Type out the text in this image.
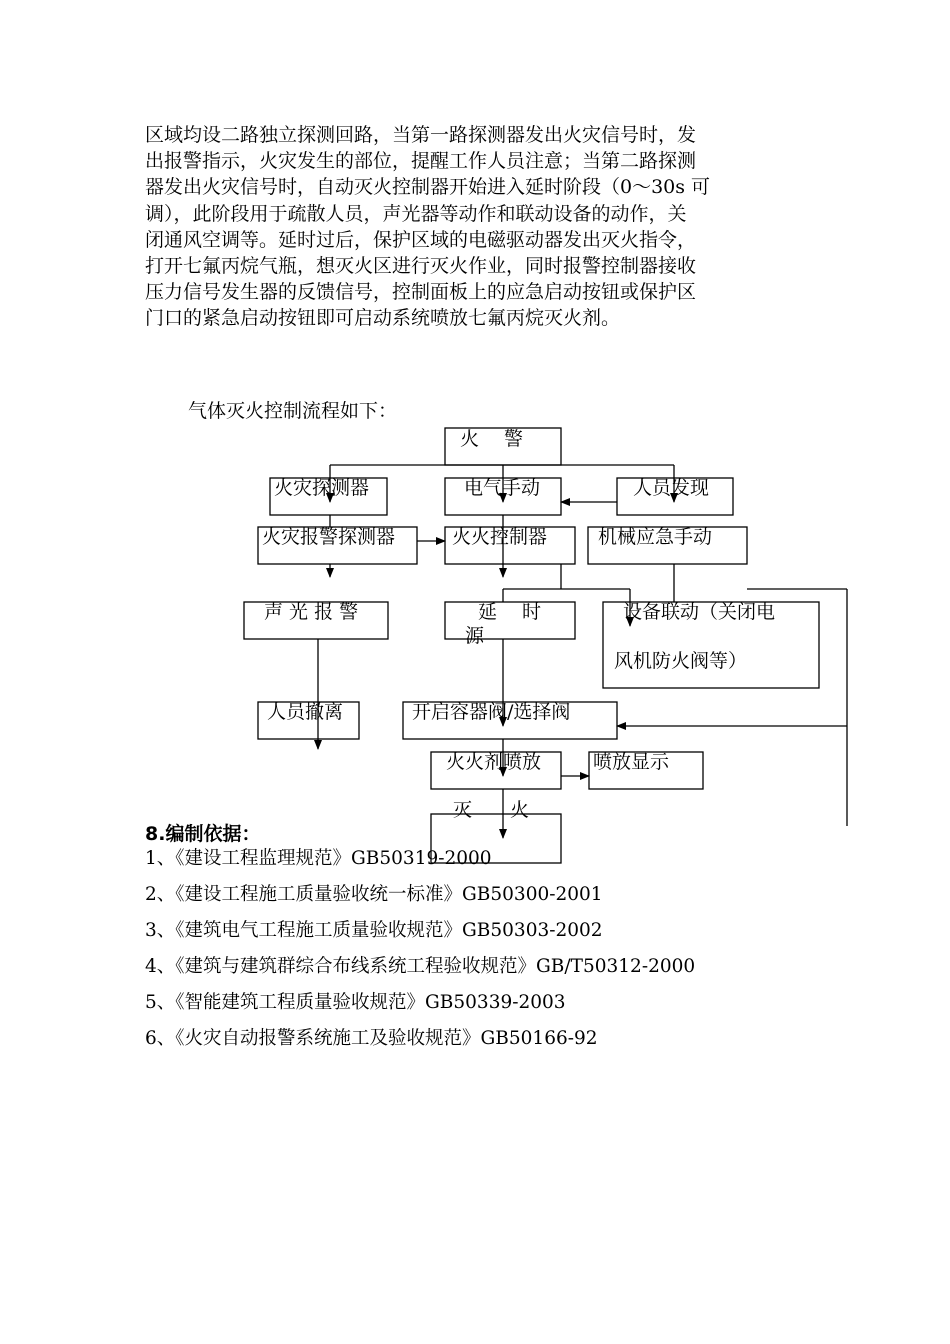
区域均设二路独立探测回路，当第一路探测器发出火灾信号时，发
出报警指示，火灾发生的部位，提醒工作人员注意；当第二路探测
器发出火灾信号时，自动灭火控制器开始进入延时阶段（0～30s 可
调），此阶段用于疏散人员，声光器等动作和联动设备的动作，关
闭通风空调等。延时过后，保护区域的电磁驱动器发出灭火指令，
打开七氟丙烷气瓶，想灭火区进行灭火作业，同时报警控制器接收
压力信号发生器的反馈信号，控制面板上的应急启动按钮或保护区
门口的紧急启动按钮即可启动系统喷放七氟丙烷灭火剂。

气体灭火控制流程如下：
火　 警
火灾探测器	电气手动	人员发现
火灾报警探测器	火火控制器	机械应急手动
声 光 报 警	延　 时
源
设备联动（关闭电
风机防火阀等）
人员撤离	开启容器阀/选择阀
火火剂喷放	喷放显示
灭　　火
8.编制依据：
1、《建设工程监理规范》GB50319-2000
2、《建设工程施工质量验收统一标准》GB50300-2001
3、《建筑电气工程施工质量验收规范》GB50303-2002
4、《建筑与建筑群综合布线系统工程验收规范》GB/T50312-2000
5、《智能建筑工程质量验收规范》GB50339-2003
6、《火灾自动报警系统施工及验收规范》GB50166-92
